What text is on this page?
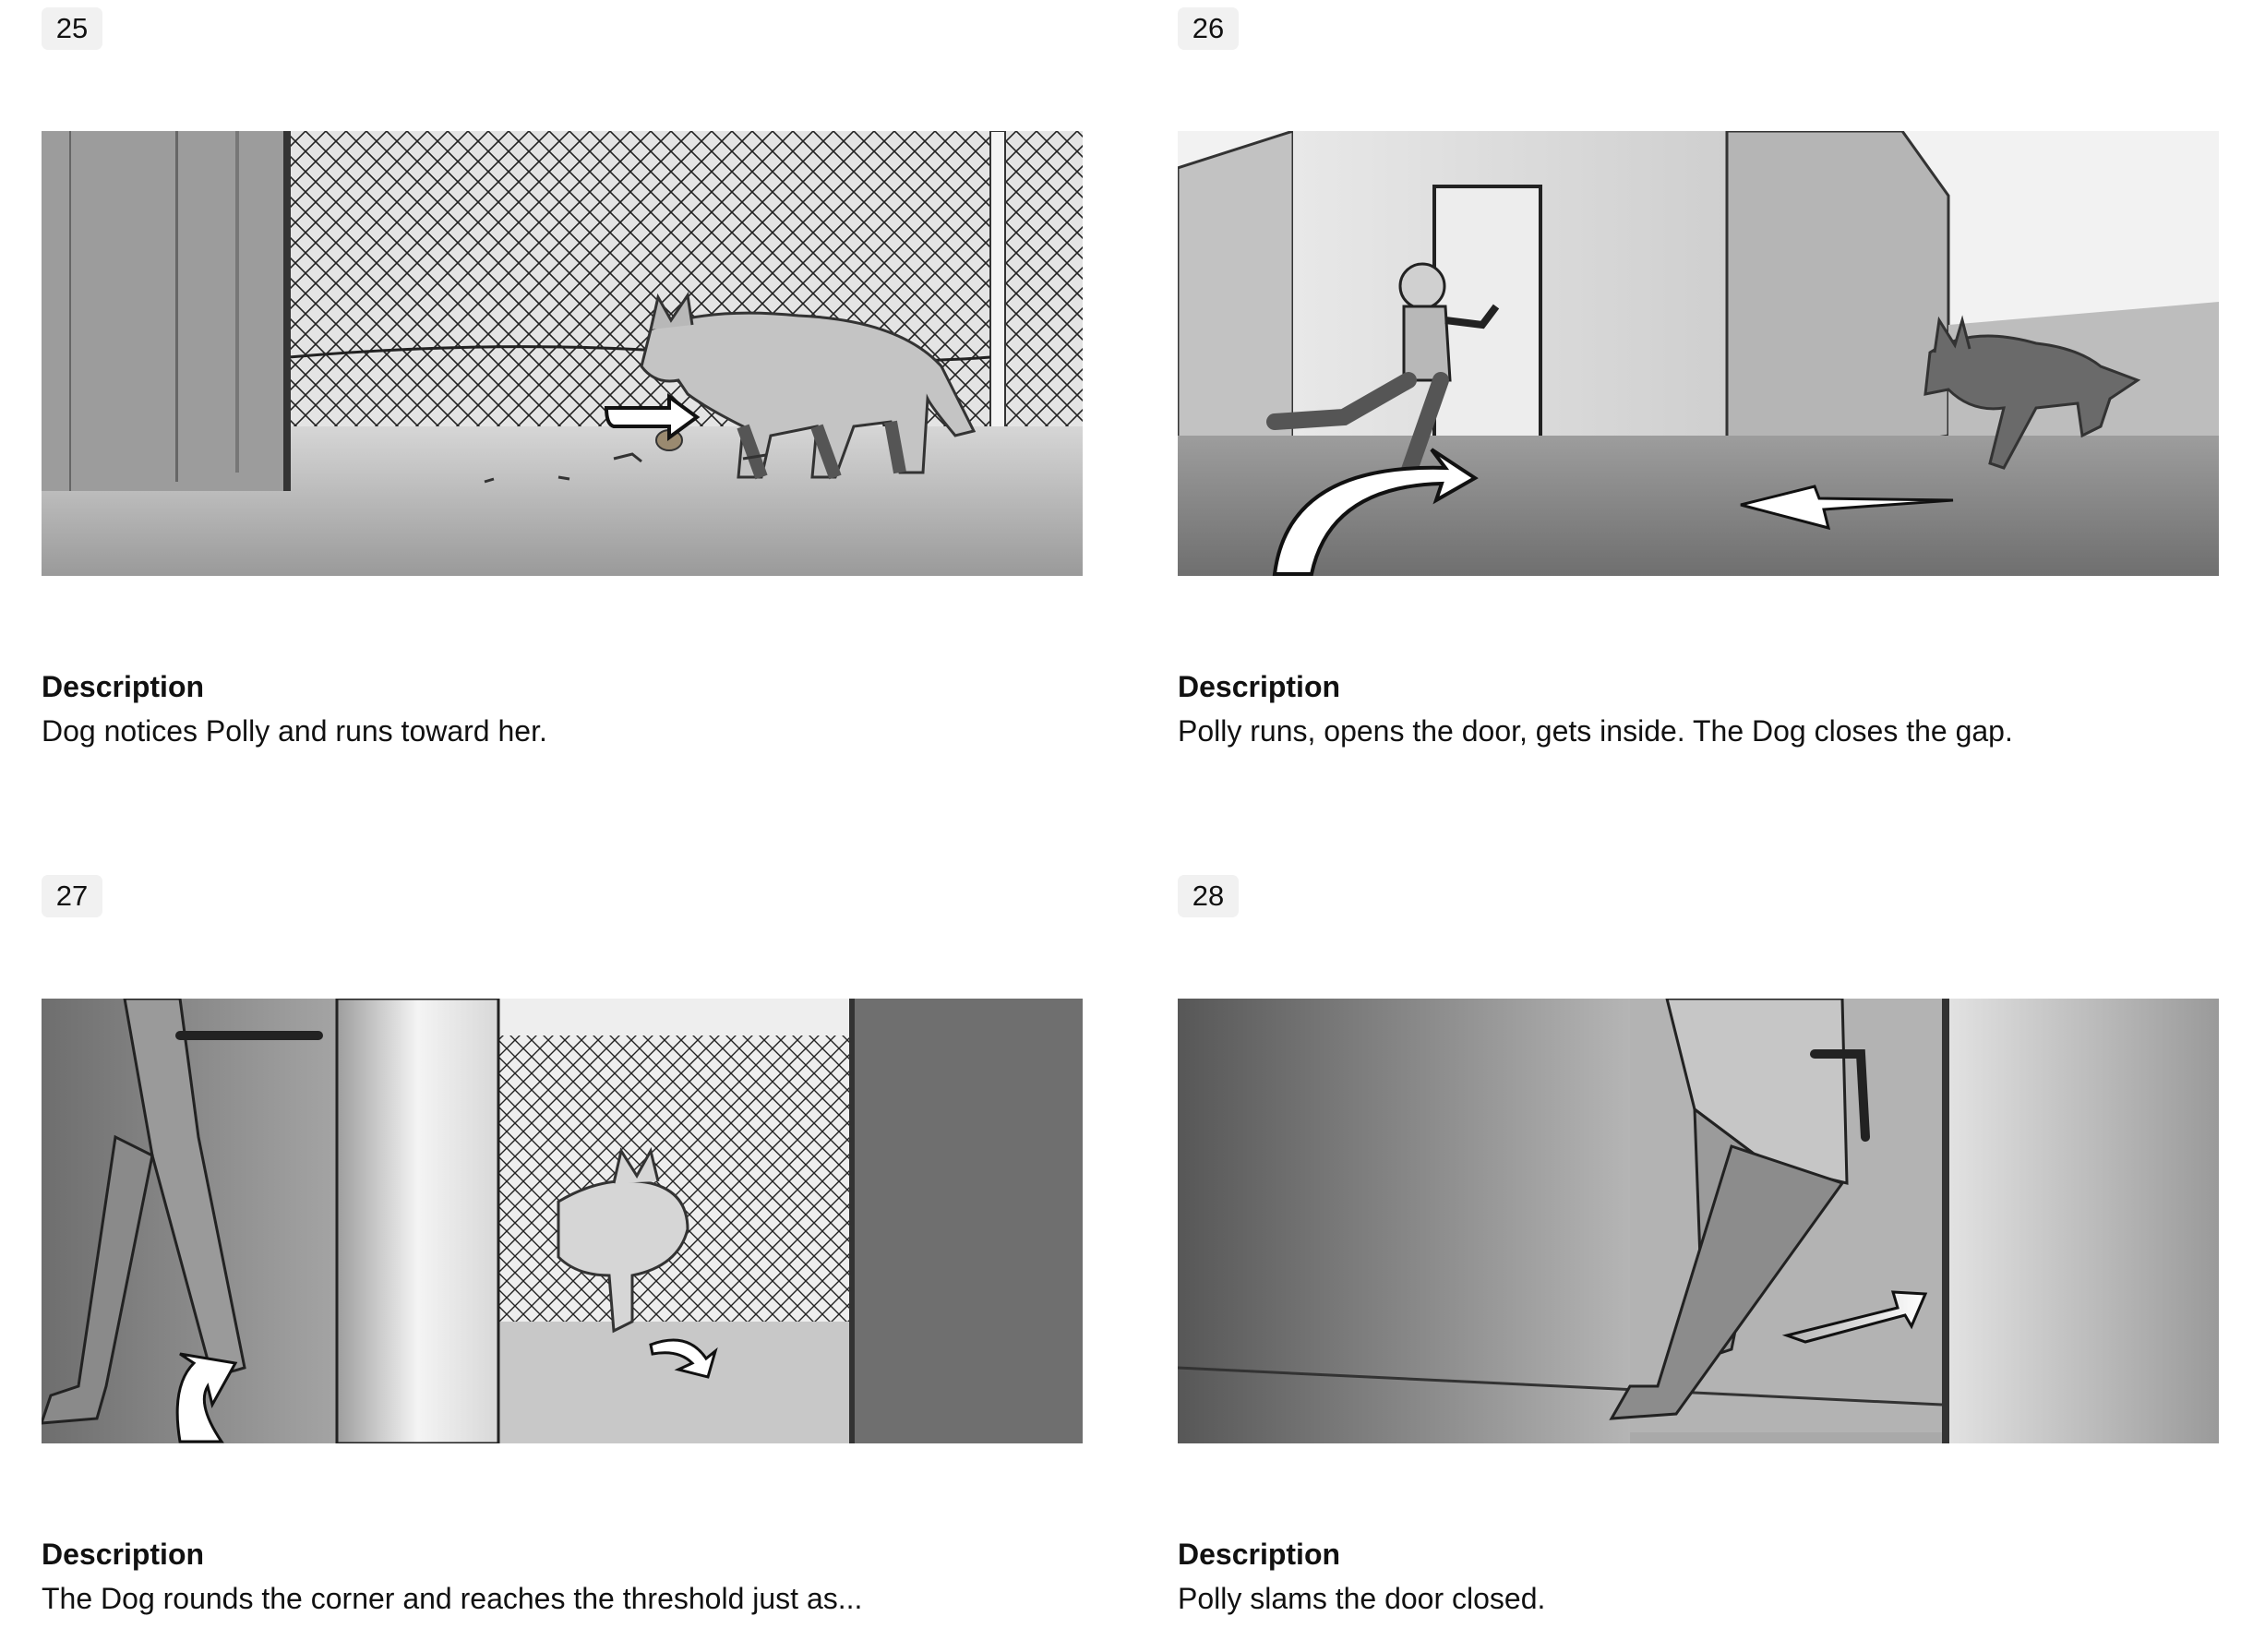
25
Description
Dog notices Polly and runs toward her.
26
Description
Polly runs, opens the door, gets inside. The Dog closes the gap.
27
Description
The Dog rounds the corner and reaches the threshold just as...
28
Description
Polly slams the door closed.
